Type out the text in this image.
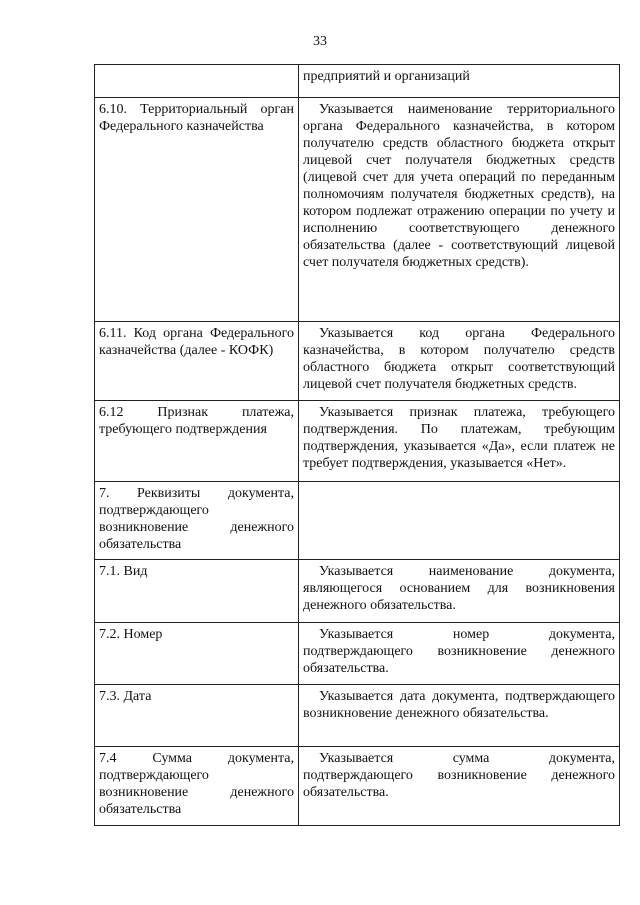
33

	предприятий и организаций

6.10. Территориальный орган Федерального казначейства	Указывается наименование территориального органа Федерального казначейства, в котором получателю средств областного бюджета открыт лицевой счет получателя бюджетных средств (лицевой счет для учета операций по переданным полномочиям получателя бюджетных средств), на котором подлежат отражению операции по учету и исполнению соответствующего денежного обязательства (далее - соответствующий лицевой счет получателя бюджетных средств).

6.11. Код органа Федерального казначейства (далее - КОФК)	Указывается код органа Федерального казначейства, в котором получателю средств областного бюджета открыт соответствующий лицевой счет получателя бюджетных средств.

6.12 Признак платежа, требующего подтверждения	Указывается признак платежа, требующего подтверждения. По платежам, требующим подтверждения, указывается «Да», если платеж не требует подтверждения, указывается «Нет».

7. Реквизиты документа, подтверждающего возникновение денежного обязательства	

7.1. Вид	Указывается наименование документа, являющегося основанием для возникновения денежного обязательства.

7.2. Номер	Указывается номер документа, подтверждающего возникновение денежного обязательства.

7.3. Дата	Указывается дата документа, подтверждающего возникновение денежного обязательства.

7.4 Сумма документа, подтверждающего возникновение денежного обязательства	Указывается сумма документа, подтверждающего возникновение денежного обязательства.
